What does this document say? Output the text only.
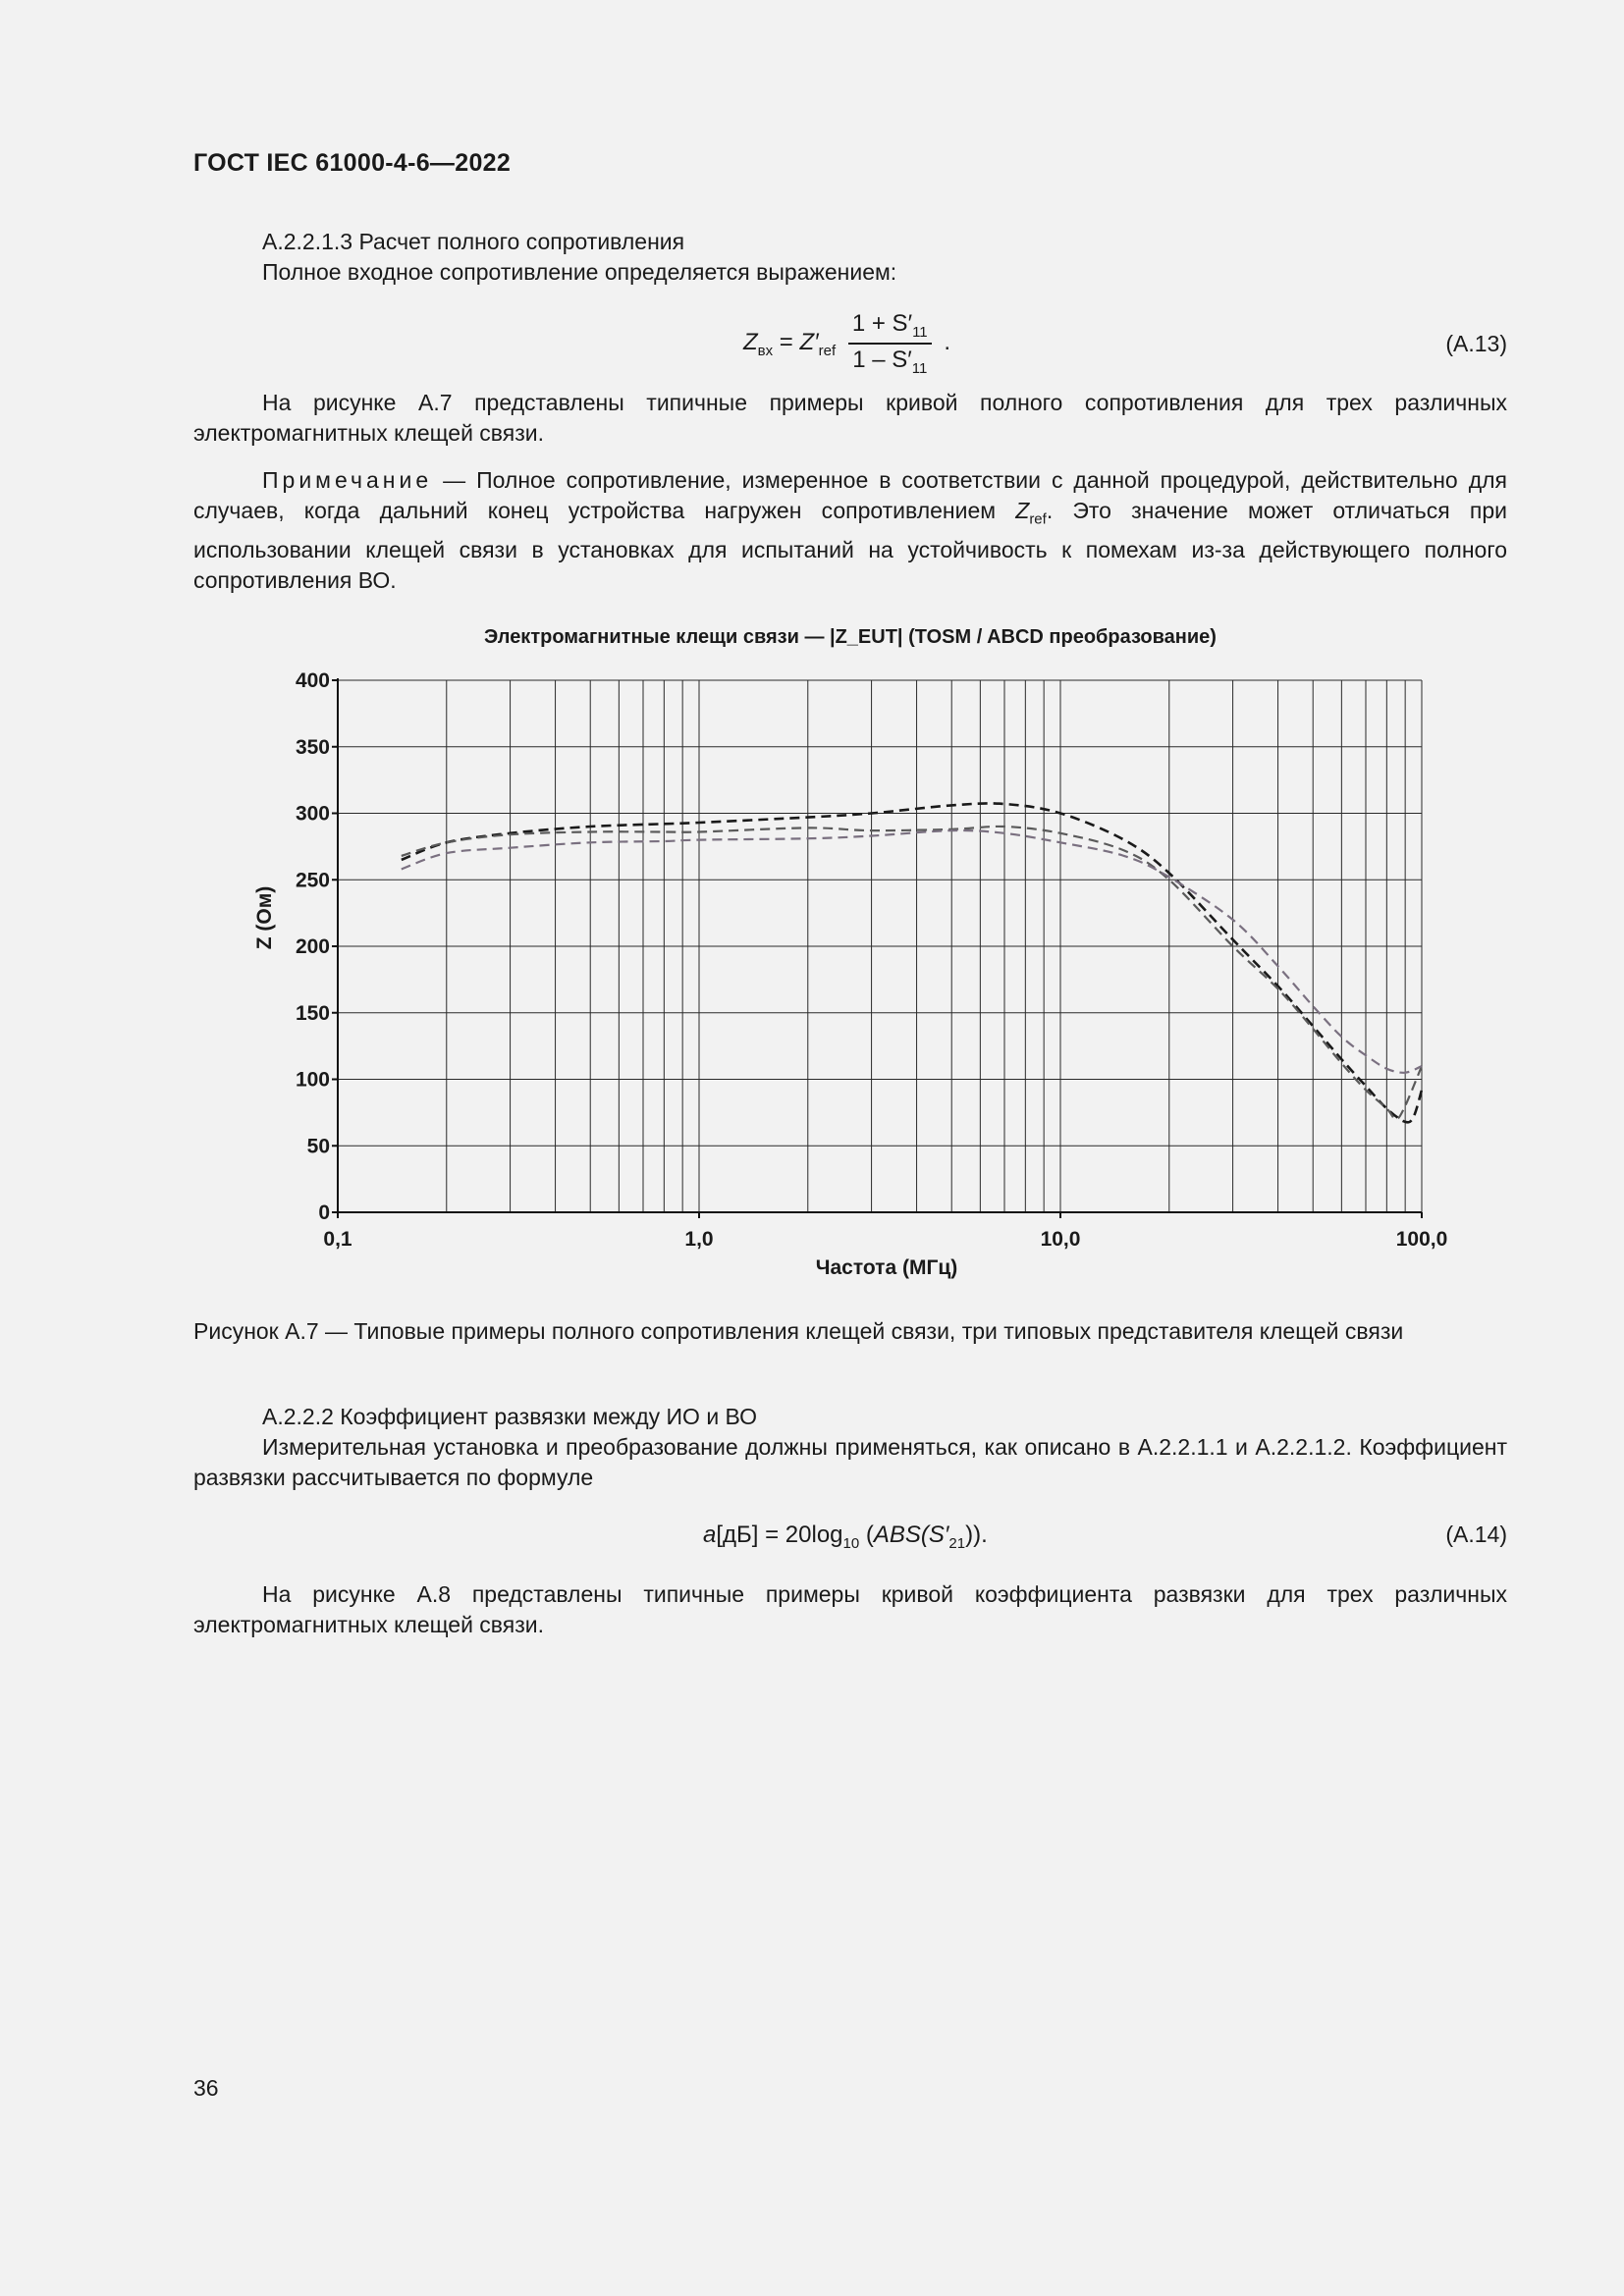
ГОСТ IEC 61000-4-6—2022
А.2.2.1.3 Расчет полного сопротивления
Полное входное сопротивление определяется выражением:
$Z_{вх} = Z'_{ref} \frac{1 + S'_{11}}{1 - S'_{11}}$ .	(А.13)
На рисунке А.7 представлены типичные примеры кривой полного сопротивления для трех различных электромагнитных клещей связи.
Примечание — Полное сопротивление, измеренное в соответствии с данной процедурой, действительно для случаев, когда дальний конец устройства нагружен сопротивлением $Z_{ref}$. Это значение может отличаться при использовании клещей связи в установках для испытаний на устойчивость к помехам из-за действующего полного сопротивления ВО.
Электромагнитные клещи связи — |Z_EUT| (TOSM / ABCD преобразование)
0
50
100
150
200
250
300
350
400
0,1	1,0	10,0	100,0
Z (Ом)
Частота (МГц)
Рисунок А.7 — Типовые примеры полного сопротивления клещей связи, три типовых представителя клещей связи
А.2.2.2 Коэффициент развязки между ИО и ВО
Измерительная установка и преобразование должны применяться, как описано в А.2.2.1.1 и А.2.2.1.2. Коэффициент развязки рассчитывается по формуле
$a[дБ] = 20\log_{10}$ $(ABS(S'_{21}))$.	(А.14)
На рисунке А.8 представлены типичные примеры кривой коэффициента развязки для трех различных электромагнитных клещей связи.
36
